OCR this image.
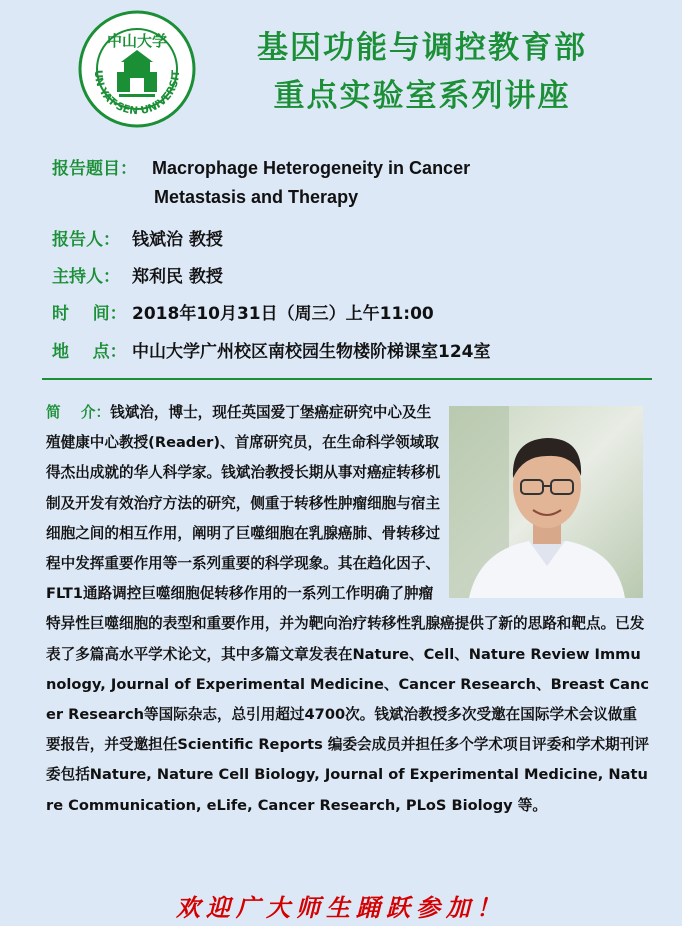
中山大学
UN YAT-SEN UNIVERSIT
基因功能与调控教育部
重点实验室系列讲座
报告题目： Macrophage Heterogeneity in Cancer
Metastasis and Therapy
报告人： 钱斌治 教授
主持人： 郑利民 教授
时    间： 2018年10月31日（周三）上午11:00
地    点： 中山大学广州校区南校园生物楼阶梯课室124室
简    介：钱斌治，博士，现任英国爱丁堡癌症研究中心及生殖健康中心教授(Reader)、首席研究员，在生命科学领域取得杰出成就的华人科学家。钱斌治教授长期从事对癌症转移机制及开发有效治疗方法的研究，侧重于转移性肿瘤细胞与宿主细胞之间的相互作用，阐明了巨噬细胞在乳腺癌肺、骨转移过程中发挥重要作用等一系列重要的科学现象。其在趋化因子、FLT1通路调控巨噬细胞促转移作用的一系列工作明确了肿瘤特异性巨噬细胞的表型和重要作用，并为靶向治疗转移性乳腺癌提供了新的思路和靶点。已发表了多篇高水平学术论文，其中多篇文章发表在Nature、Cell、Nature Review Immunology, Journal of Experimental Medicine、Cancer Research、Breast Cancer Research等国际杂志，总引用超过4700次。钱斌治教授多次受邀在国际学术会议做重要报告，并受邀担任Scientific Reports 编委会成员并担任多个学术项目评委和学术期刊评委包括Nature, Nature Cell Biology, Journal of Experimental Medicine, Nature Communication, eLife, Cancer Research, PLoS Biology 等。
欢迎广大师生踊跃参加！
